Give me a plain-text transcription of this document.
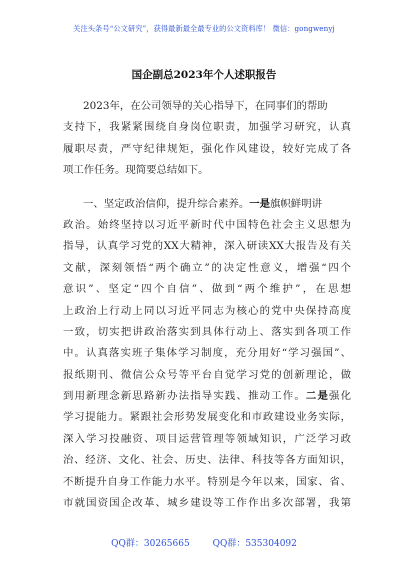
关注头条号“公文研究”，获得最新最全最专业的公文资料库！ 微信：gongwenyj
国企副总2023年个人述职报告
2023年，在公司领导的关心指导下，在同事们的帮助
支持下，我紧紧围绕自身岗位职责，加强学习研究，认真
履职尽责，严守纪律规矩，强化作风建设，较好完成了各
项工作任务。现简要总结如下。
一、坚定政治信仰，提升综合素养。一是旗帜鲜明讲
政治。始终坚持以习近平新时代中国特色社会主义思想为
指导，认真学习党的XX大精神，深入研读XX大报告及有关
文献，深刻领悟“两个确立”的决定性意义，增强“四个
意识”、坚定“四个自信”、做到“两个维护”，在思想
上政治上行动上同以习近平同志为核心的党中央保持高度
一致，切实把讲政治落实到具体行动上、落实到各项工作
中。认真落实班子集体学习制度，充分用好“学习强国”、
报纸期刊、微信公众号等平台自觉学习党的创新理论，做
到用新理念新思路新办法指导实践、推动工作。二是强化
学习提能力。紧跟社会形势发展变化和市政建设业务实际，
深入学习投融资、项目运营管理等领域知识，广泛学习政
治、经济、文化、社会、历史、法律、科技等各方面知识，
不断提升自身工作能力水平。特别是今年以来，国家、省、
市就国资国企改革、城乡建设等工作作出多次部署，我第
QQ群：30265665	QQ群：535304092
